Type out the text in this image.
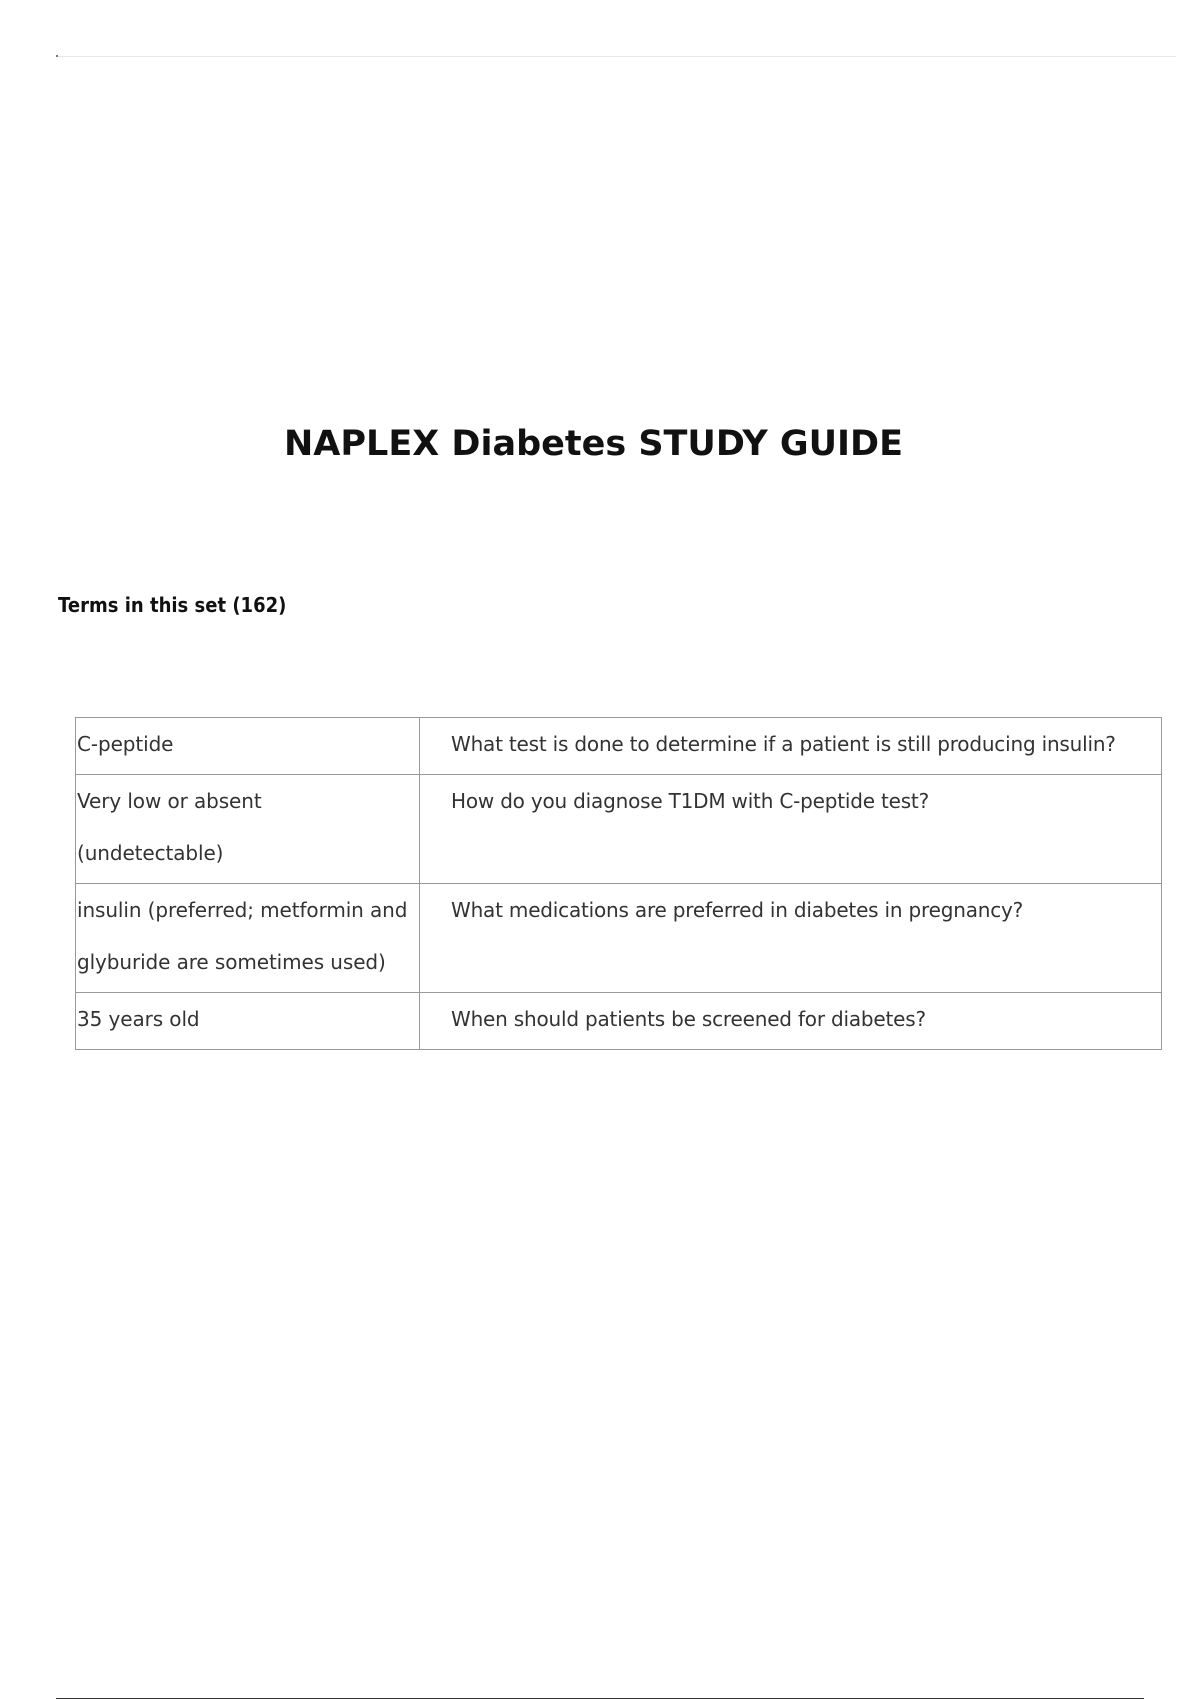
NAPLEX Diabetes STUDY GUIDE
Terms in this set (162)
C-peptide	What test is done to determine if a patient is still producing insulin?
Very low or absent (undetectable)	How do you diagnose T1DM with C-peptide test?
insulin (preferred; metformin and glyburide are sometimes used)	What medications are preferred in diabetes in pregnancy?
35 years old	When should patients be screened for diabetes?
